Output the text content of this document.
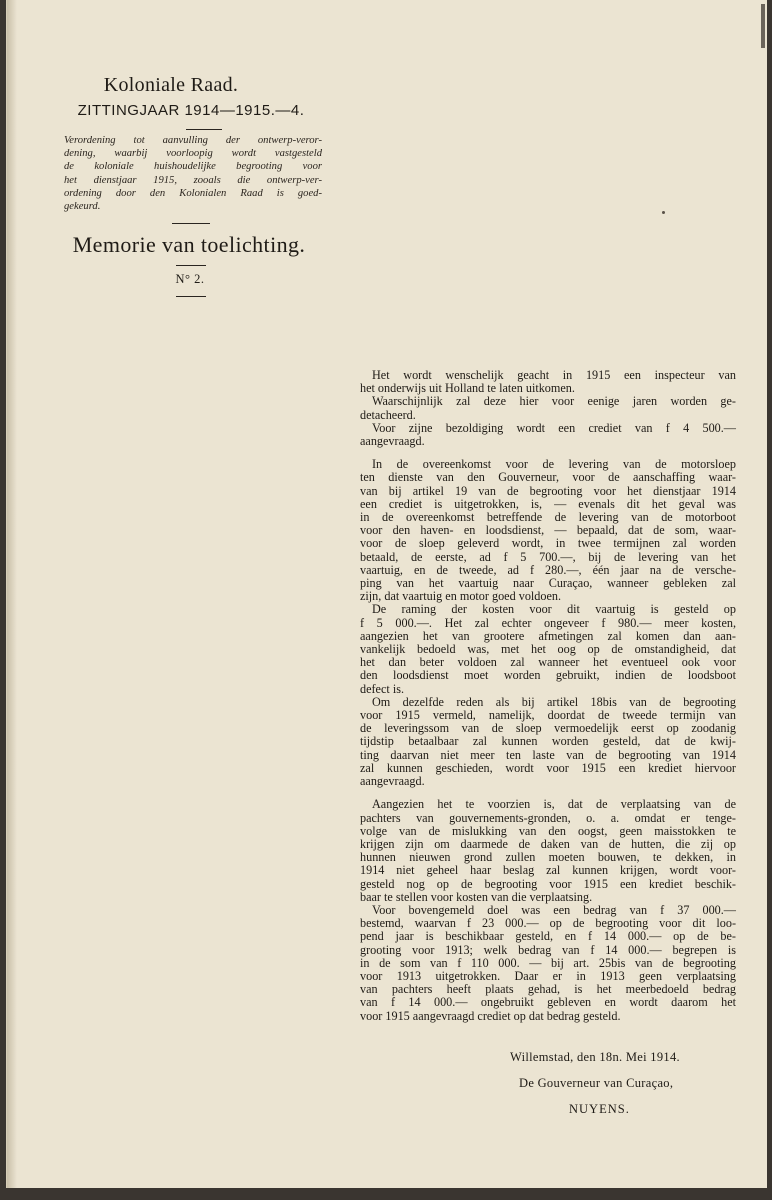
Koloniale Raad.
ZITTINGJAAR 1914—1915.—4.
Verordening tot aanvulling der ontwerp-veror-
dening, waarbij voorloopig wordt vastgesteld
de koloniale huishoudelijke begrooting voor
het dienstjaar 1915, zooals die ontwerp-ver-
ordening door den Kolonialen Raad is goed-
gekeurd.
Memorie van toelichting.
N° 2.

Het wordt wenschelijk geacht in 1915 een inspecteur van
het onderwijs uit Holland te laten uitkomen.
Waarschijnlijk zal deze hier voor eenige jaren worden ge-
detacheerd.
Voor zijne bezoldiging wordt een crediet van f 4 500.—
aangevraagd.

In de overeenkomst voor de levering van de motorsloep
ten dienste van den Gouverneur, voor de aanschaffing waar-
van bij artikel 19 van de begrooting voor het dienstjaar 1914
een crediet is uitgetrokken, is, — evenals dit het geval was
in de overeenkomst betreffende de levering van de motorboot
voor den haven- en loodsdienst, — bepaald, dat de som, waar-
voor de sloep geleverd wordt, in twee termijnen zal worden
betaald, de eerste, ad f 5 700.—, bij de levering van het
vaartuig, en de tweede, ad f 280.—, één jaar na de versche-
ping van het vaartuig naar Curaçao, wanneer gebleken zal
zijn, dat vaartuig en motor goed voldoen.
De raming der kosten voor dit vaartuig is gesteld op
f 5 000.—. Het zal echter ongeveer f 980.— meer kosten,
aangezien het van grootere afmetingen zal komen dan aan-
vankelijk bedoeld was, met het oog op de omstandigheid, dat
het dan beter voldoen zal wanneer het eventueel ook voor
den loodsdienst moet worden gebruikt, indien de loodsboot
defect is.
Om dezelfde reden als bij artikel 18bis van de begrooting
voor 1915 vermeld, namelijk, doordat de tweede termijn van
de leveringssom van de sloep vermoedelijk eerst op zoodanig
tijdstip betaalbaar zal kunnen worden gesteld, dat de kwij-
ting daarvan niet meer ten laste van de begrooting van 1914
zal kunnen geschieden, wordt voor 1915 een krediet hiervoor
aangevraagd.

Aangezien het te voorzien is, dat de verplaatsing van de
pachters van gouvernements-gronden, o. a. omdat er tenge-
volge van de mislukking van den oogst, geen maisstokken te
krijgen zijn om daarmede de daken van de hutten, die zij op
hunnen nieuwen grond zullen moeten bouwen, te dekken, in
1914 niet geheel haar beslag zal kunnen krijgen, wordt voor-
gesteld nog op de begrooting voor 1915 een krediet beschik-
baar te stellen voor kosten van die verplaatsing.
Voor bovengemeld doel was een bedrag van f 37 000.—
bestemd, waarvan f 23 000.— op de begrooting voor dit loo-
pend jaar is beschikbaar gesteld, en f 14 000.— op de be-
grooting voor 1913; welk bedrag van f 14 000.— begrepen is
in de som van f 110 000. — bij art. 25bis van de begrooting
voor 1913 uitgetrokken. Daar er in 1913 geen verplaatsing
van pachters heeft plaats gehad, is het meerbedoeld bedrag
van f 14 000.— ongebruikt gebleven en wordt daarom het
voor 1915 aangevraagd crediet op dat bedrag gesteld.

Willemstad, den 18n. Mei 1914.
De Gouverneur van Curaçao,
NUYENS.
